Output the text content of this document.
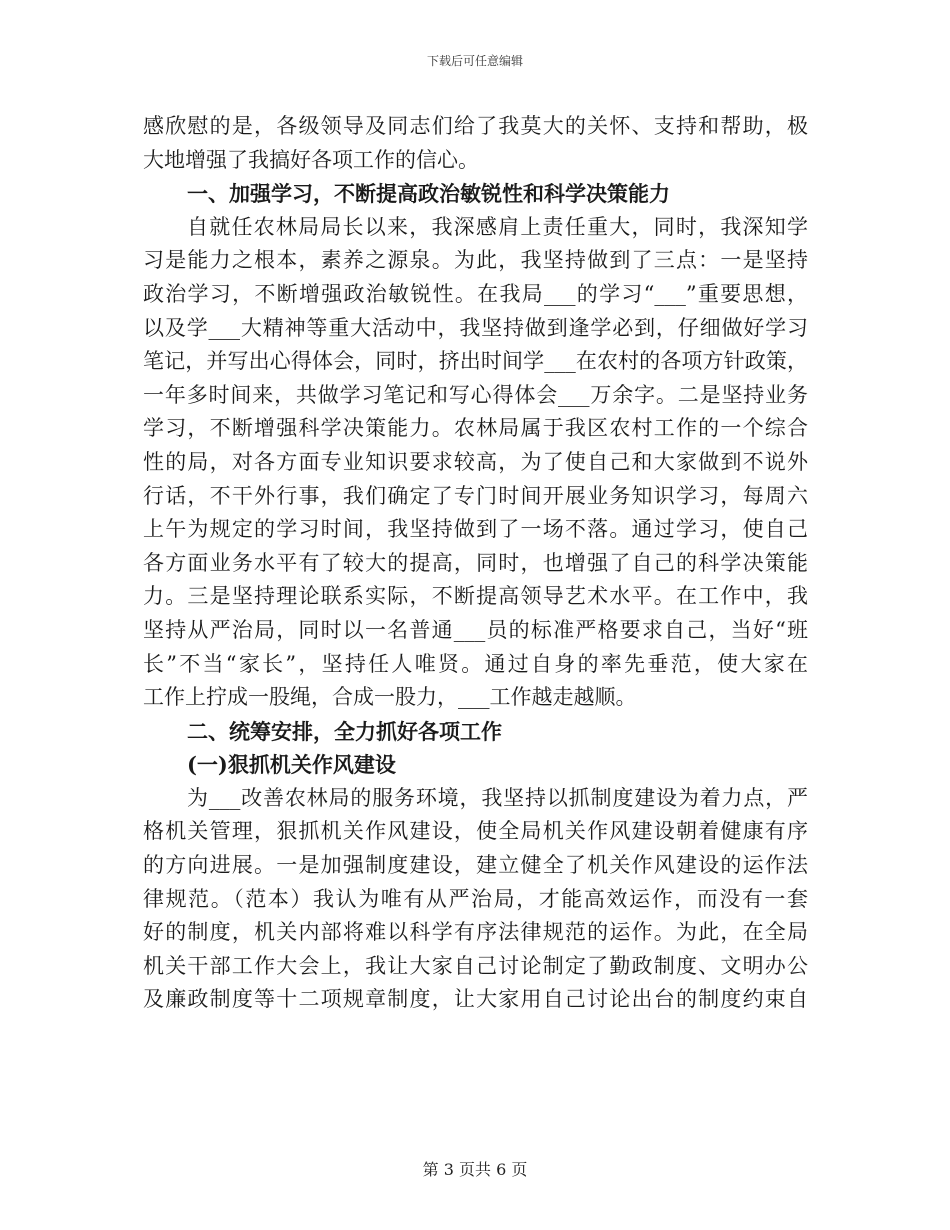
下载后可任意编辑
感欣慰的是，各级领导及同志们给了我莫大的关怀、支持和帮助，极
大地增强了我搞好各项工作的信心。
一、加强学习，不断提高政治敏锐性和科学决策能力
自就任农林局局长以来，我深感肩上责任重大，同时，我深知学
习是能力之根本，素养之源泉。为此，我坚持做到了三点：一是坚持
政治学习，不断增强政治敏锐性。在我局___的学习“___”重要思想，
以及学___大精神等重大活动中，我坚持做到逢学必到，仔细做好学习
笔记，并写出心得体会，同时，挤出时间学___在农村的各项方针政策，
一年多时间来，共做学习笔记和写心得体会___万余字。二是坚持业务
学习，不断增强科学决策能力。农林局属于我区农村工作的一个综合
性的局，对各方面专业知识要求较高，为了使自己和大家做到不说外
行话，不干外行事，我们确定了专门时间开展业务知识学习，每周六
上午为规定的学习时间，我坚持做到了一场不落。通过学习，使自己
各方面业务水平有了较大的提高，同时，也增强了自己的科学决策能
力。三是坚持理论联系实际，不断提高领导艺术水平。在工作中，我
坚持从严治局，同时以一名普通___员的标准严格要求自己，当好“班
长”不当“家长”，坚持任人唯贤。通过自身的率先垂范，使大家在
工作上拧成一股绳，合成一股力，___工作越走越顺。
二、统筹安排，全力抓好各项工作
(一)狠抓机关作风建设
为___改善农林局的服务环境，我坚持以抓制度建设为着力点，严
格机关管理，狠抓机关作风建设，使全局机关作风建设朝着健康有序
的方向进展。一是加强制度建设，建立健全了机关作风建设的运作法
律规范。（范本）我认为唯有从严治局，才能高效运作，而没有一套
好的制度，机关内部将难以科学有序法律规范的运作。为此，在全局
机关干部工作大会上，我让大家自己讨论制定了勤政制度、文明办公
及廉政制度等十二项规章制度，让大家用自己讨论出台的制度约束自
第 3 页共 6 页
